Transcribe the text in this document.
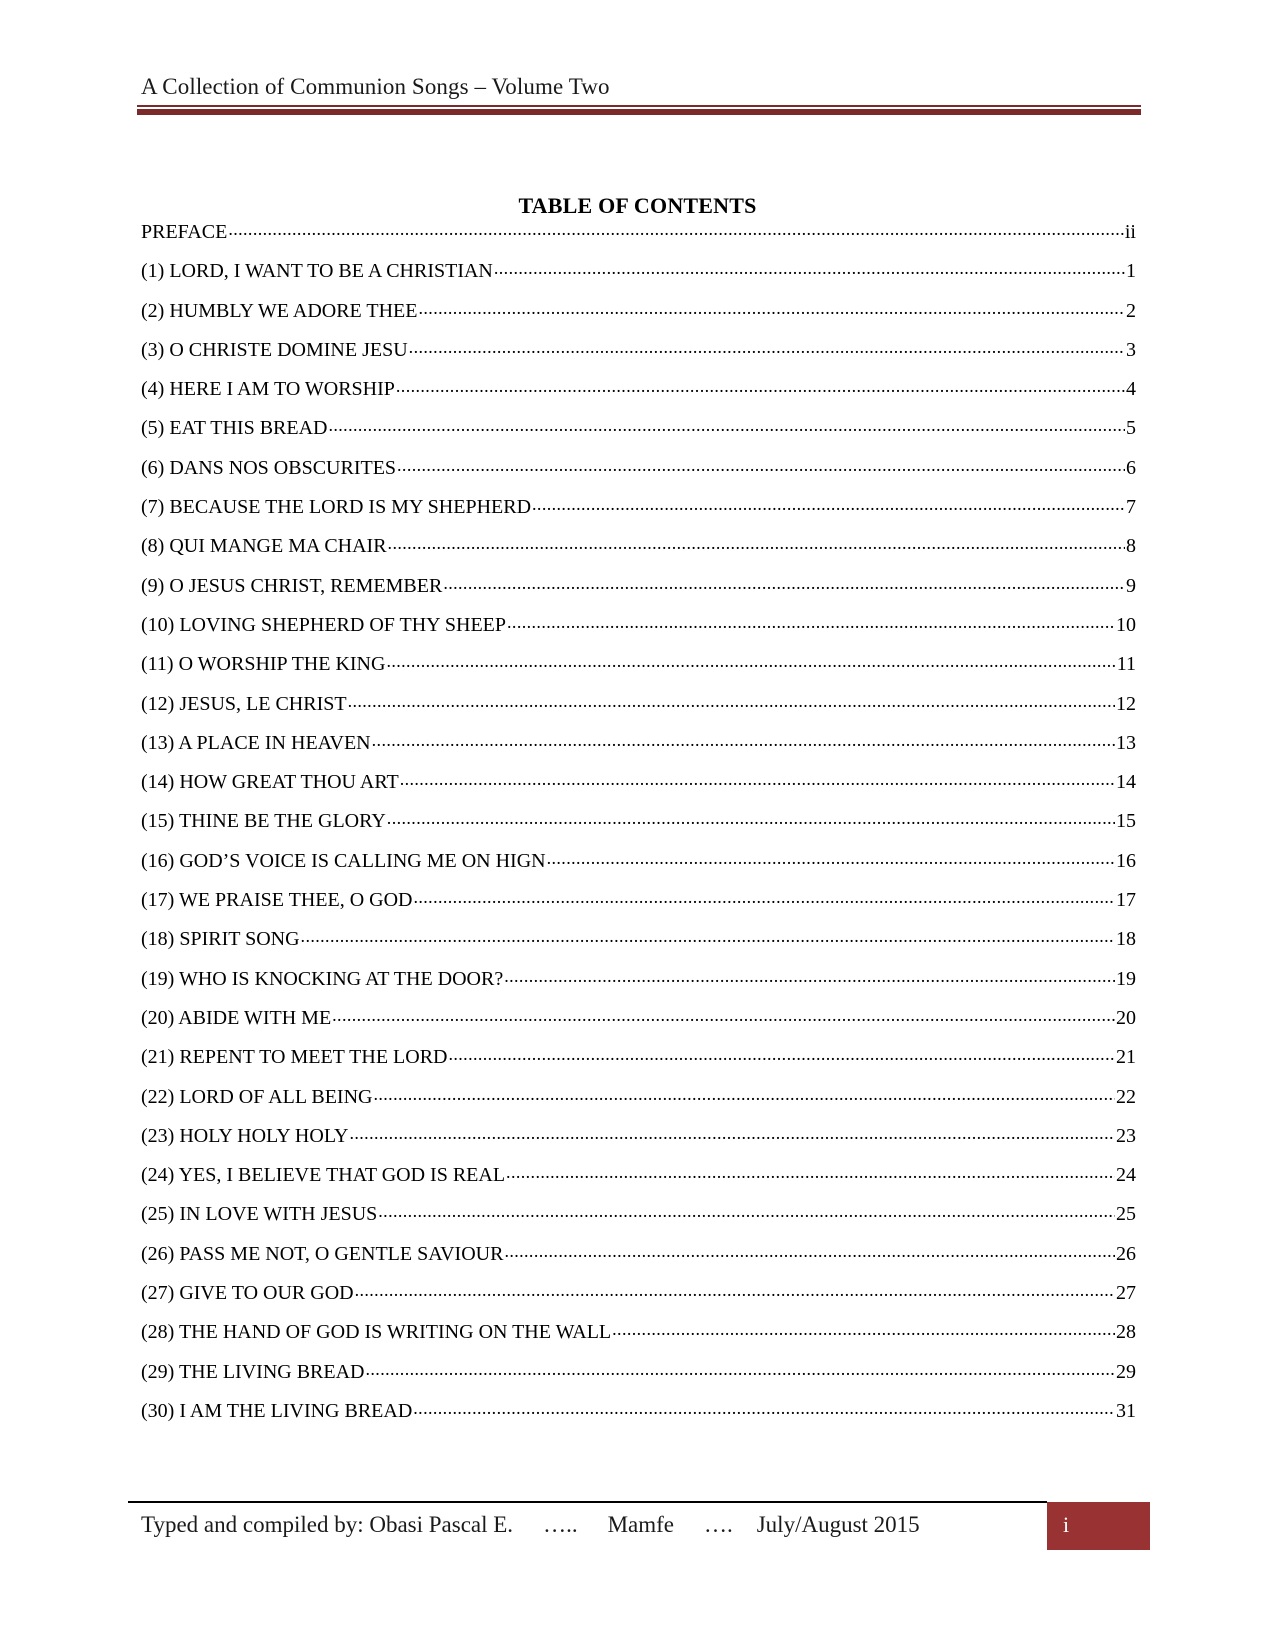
A Collection of Communion Songs – Volume Two
TABLE OF CONTENTS
PREFACE .....	ii
(1) LORD, I WANT TO BE A CHRISTIAN .....	1
(2) HUMBLY WE ADORE THEE .....	2
(3) O CHRISTE DOMINE JESU .....	3
(4) HERE I AM TO WORSHIP .....	4
(5) EAT THIS BREAD .....	5
(6) DANS NOS OBSCURITES .....	6
(7) BECAUSE THE LORD IS MY SHEPHERD .....	7
(8) QUI MANGE MA CHAIR .....	8
(9) O JESUS CHRIST, REMEMBER .....	9
(10) LOVING SHEPHERD OF THY SHEEP .....	10
(11) O WORSHIP THE KING .....	11
(12) JESUS, LE CHRIST .....	12
(13) A PLACE IN HEAVEN .....	13
(14) HOW GREAT THOU ART .....	14
(15) THINE BE THE GLORY .....	15
(16) GOD’S VOICE IS CALLING ME ON HIGN .....	16
(17) WE PRAISE THEE, O GOD .....	17
(18) SPIRIT SONG .....	18
(19) WHO IS KNOCKING AT THE DOOR? .....	19
(20) ABIDE WITH ME .....	20
(21) REPENT TO MEET THE LORD .....	21
(22) LORD OF ALL BEING .....	22
(23) HOLY HOLY HOLY .....	23
(24) YES, I BELIEVE THAT GOD IS REAL .....	24
(25) IN LOVE WITH JESUS .....	25
(26) PASS ME NOT, O GENTLE SAVIOUR .....	26
(27) GIVE TO OUR GOD .....	27
(28) THE HAND OF GOD IS WRITING ON THE WALL .....	28
(29) THE LIVING BREAD .....	29
(30) I AM THE LIVING BREAD .....	31
Typed and compiled by: Obasi Pascal E. ….. Mamfe …. July/August 2015	i
